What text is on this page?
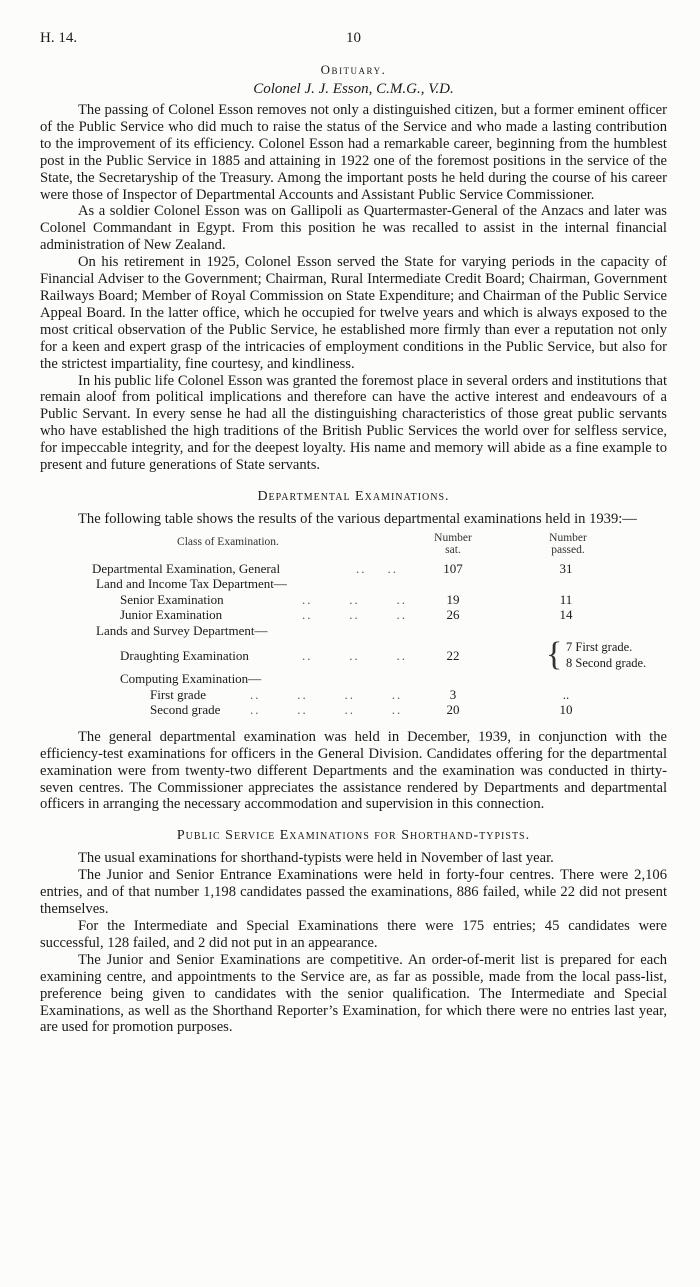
H. 14.	10
Obituary.
Colonel J. J. Esson, C.M.G., V.D.

The passing of Colonel Esson removes not only a distinguished citizen, but a former eminent officer of the Public Service who did much to raise the status of the Service and who made a lasting contribution to the improvement of its efficiency. Colonel Esson had a remarkable career, beginning from the humblest post in the Public Service in 1885 and attaining in 1922 one of the foremost positions in the service of the State, the Secretaryship of the Treasury. Among the important posts he held during the course of his career were those of Inspector of Departmental Accounts and Assistant Public Service Commissioner.

As a soldier Colonel Esson was on Gallipoli as Quartermaster-General of the Anzacs and later was Colonel Commandant in Egypt. From this position he was recalled to assist in the internal financial administration of New Zealand.

On his retirement in 1925, Colonel Esson served the State for varying periods in the capacity of Financial Adviser to the Government; Chairman, Rural Intermediate Credit Board; Chairman, Government Railways Board; Member of Royal Commission on State Expenditure; and Chairman of the Public Service Appeal Board. In the latter office, which he occupied for twelve years and which is always exposed to the most critical observation of the Public Service, he established more firmly than ever a reputation not only for a keen and expert grasp of the intricacies of employment conditions in the Public Service, but also for the strictest impartiality, fine courtesy, and kindliness.

In his public life Colonel Esson was granted the foremost place in several orders and institutions that remain aloof from political implications and therefore can have the active interest and endeavours of a Public Servant. In every sense he had all the distinguishing characteristics of those great public servants who have established the high traditions of the British Public Services the world over for selfless service, for impeccable integrity, and for the deepest loyalty. His name and memory will abide as a fine example to present and future generations of State servants.

Departmental Examinations.

The following table shows the results of the various departmental examinations held in 1939:—

Class of Examination.	Number sat.
Number passed.
Departmental Examination, General	..    ..	107	31
Land and Income Tax Department—
Senior Examination	..       ..       ..	19	11
Junior Examination	..       ..       ..	26	14
Lands and Survey Department—
Draughting Examination	..       ..       ..	22	{ 7 First grade.
8 Second grade.
Computing Examination—
First grade	..       ..       ..       ..	3	..
Second grade ..       ..       ..       ..	20	10

The general departmental examination was held in December, 1939, in conjunction with the efficiency-test examinations for officers in the General Division. Candidates offering for the departmental examination were from twenty-two different Departments and the examination was conducted in thirty-seven centres. The Commissioner appreciates the assistance rendered by Departments and departmental officers in arranging the necessary accommodation and supervision in this connection.

Public Service Examinations for Shorthand-typists.

The usual examinations for shorthand-typists were held in November of last year.

The Junior and Senior Entrance Examinations were held in forty-four centres. There were 2,106 entries, and of that number 1,198 candidates passed the examinations, 886 failed, while 22 did not present themselves.

For the Intermediate and Special Examinations there were 175 entries; 45 candidates were successful, 128 failed, and 2 did not put in an appearance.

The Junior and Senior Examinations are competitive. An order-of-merit list is prepared for each examining centre, and appointments to the Service are, as far as possible, made from the local pass-list, preference being given to candidates with the senior qualification. The Intermediate and Special Examinations, as well as the Shorthand Reporter’s Examination, for which there were no entries last year, are used for promotion purposes.
